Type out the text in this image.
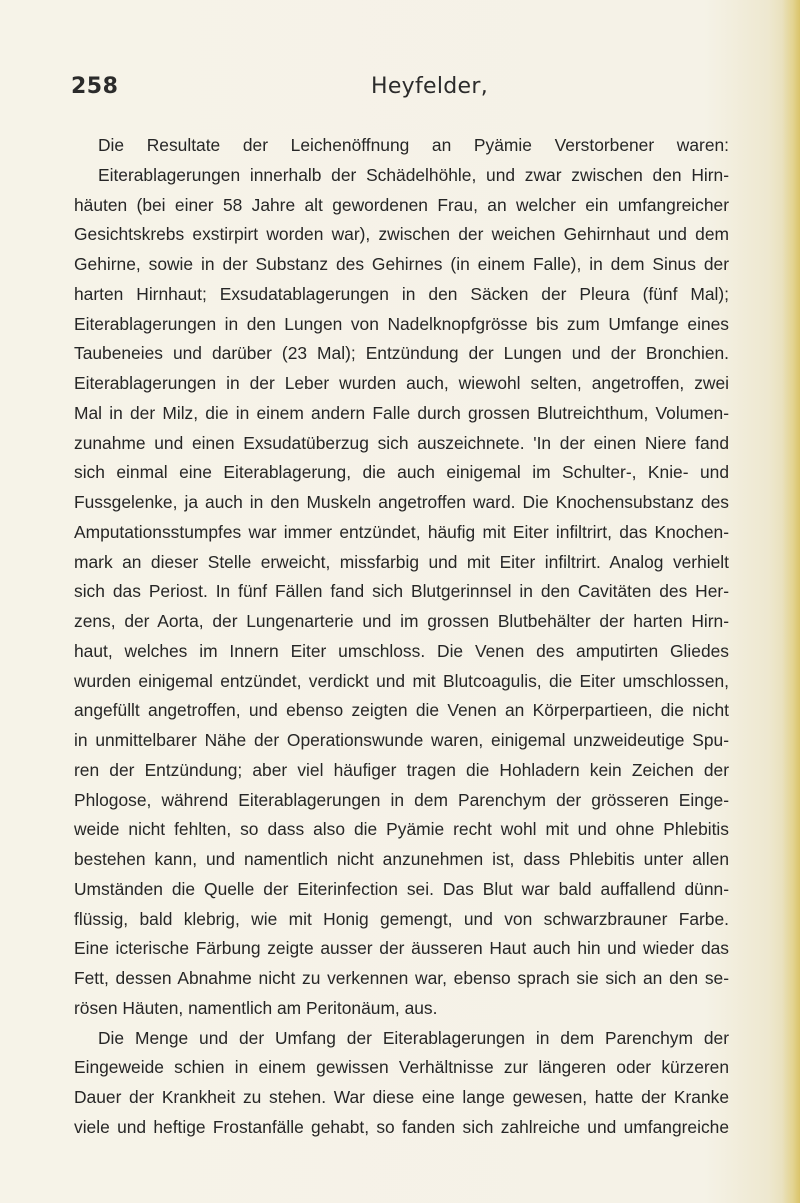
258	Heyfelder,
Die Resultate der Leichenöffnung an Pyämie Verstorbener waren:
Eiterablagerungen innerhalb der Schädelhöhle, und zwar zwischen den Hirn-
häuten (bei einer 58 Jahre alt gewordenen Frau, an welcher ein umfangreicher
Gesichtskrebs exstirpirt worden war), zwischen der weichen Gehirnhaut und dem
Gehirne, sowie in der Substanz des Gehirnes (in einem Falle), in dem Sinus der
harten Hirnhaut; Exsudatablagerungen in den Säcken der Pleura (fünf Mal);
Eiterablagerungen in den Lungen von Nadelknopfgrösse bis zum Umfange eines
Taubeneies und darüber (23 Mal); Entzündung der Lungen und der Bronchien.
Eiterablagerungen in der Leber wurden auch, wiewohl selten, angetroffen, zwei
Mal in der Milz, die in einem andern Falle durch grossen Blutreichthum, Volumen-
zunahme und einen Exsudatüberzug sich auszeichnete. 'In der einen Niere fand
sich einmal eine Eiterablagerung, die auch einigemal im Schulter-, Knie- und
Fussgelenke, ja auch in den Muskeln angetroffen ward. Die Knochensubstanz des
Amputationsstumpfes war immer entzündet, häufig mit Eiter infiltrirt, das Knochen-
mark an dieser Stelle erweicht, missfarbig und mit Eiter infiltrirt. Analog verhielt
sich das Periost. In fünf Fällen fand sich Blutgerinnsel in den Cavitäten des Her-
zens, der Aorta, der Lungenarterie und im grossen Blutbehälter der harten Hirn-
haut, welches im Innern Eiter umschloss. Die Venen des amputirten Gliedes
wurden einigemal entzündet, verdickt und mit Blutcoagulis, die Eiter umschlossen,
angefüllt angetroffen, und ebenso zeigten die Venen an Körperpartieen, die nicht
in unmittelbarer Nähe der Operationswunde waren, einigemal unzweideutige Spu-
ren der Entzündung; aber viel häufiger tragen die Hohladern kein Zeichen der
Phlogose, während Eiterablagerungen in dem Parenchym der grösseren Einge-
weide nicht fehlten, so dass also die Pyämie recht wohl mit und ohne Phlebitis
bestehen kann, und namentlich nicht anzunehmen ist, dass Phlebitis unter allen
Umständen die Quelle der Eiterinfection sei. Das Blut war bald auffallend dünn-
flüssig, bald klebrig, wie mit Honig gemengt, und von schwarzbrauner Farbe.
Eine icterische Färbung zeigte ausser der äusseren Haut auch hin und wieder das
Fett, dessen Abnahme nicht zu verkennen war, ebenso sprach sie sich an den se-
rösen Häuten, namentlich am Peritonäum, aus.
Die Menge und der Umfang der Eiterablagerungen in dem Parenchym der
Eingeweide schien in einem gewissen Verhältnisse zur längeren oder kürzeren
Dauer der Krankheit zu stehen. War diese eine lange gewesen, hatte der Kranke
viele und heftige Frostanfälle gehabt, so fanden sich zahlreiche und umfangreiche
